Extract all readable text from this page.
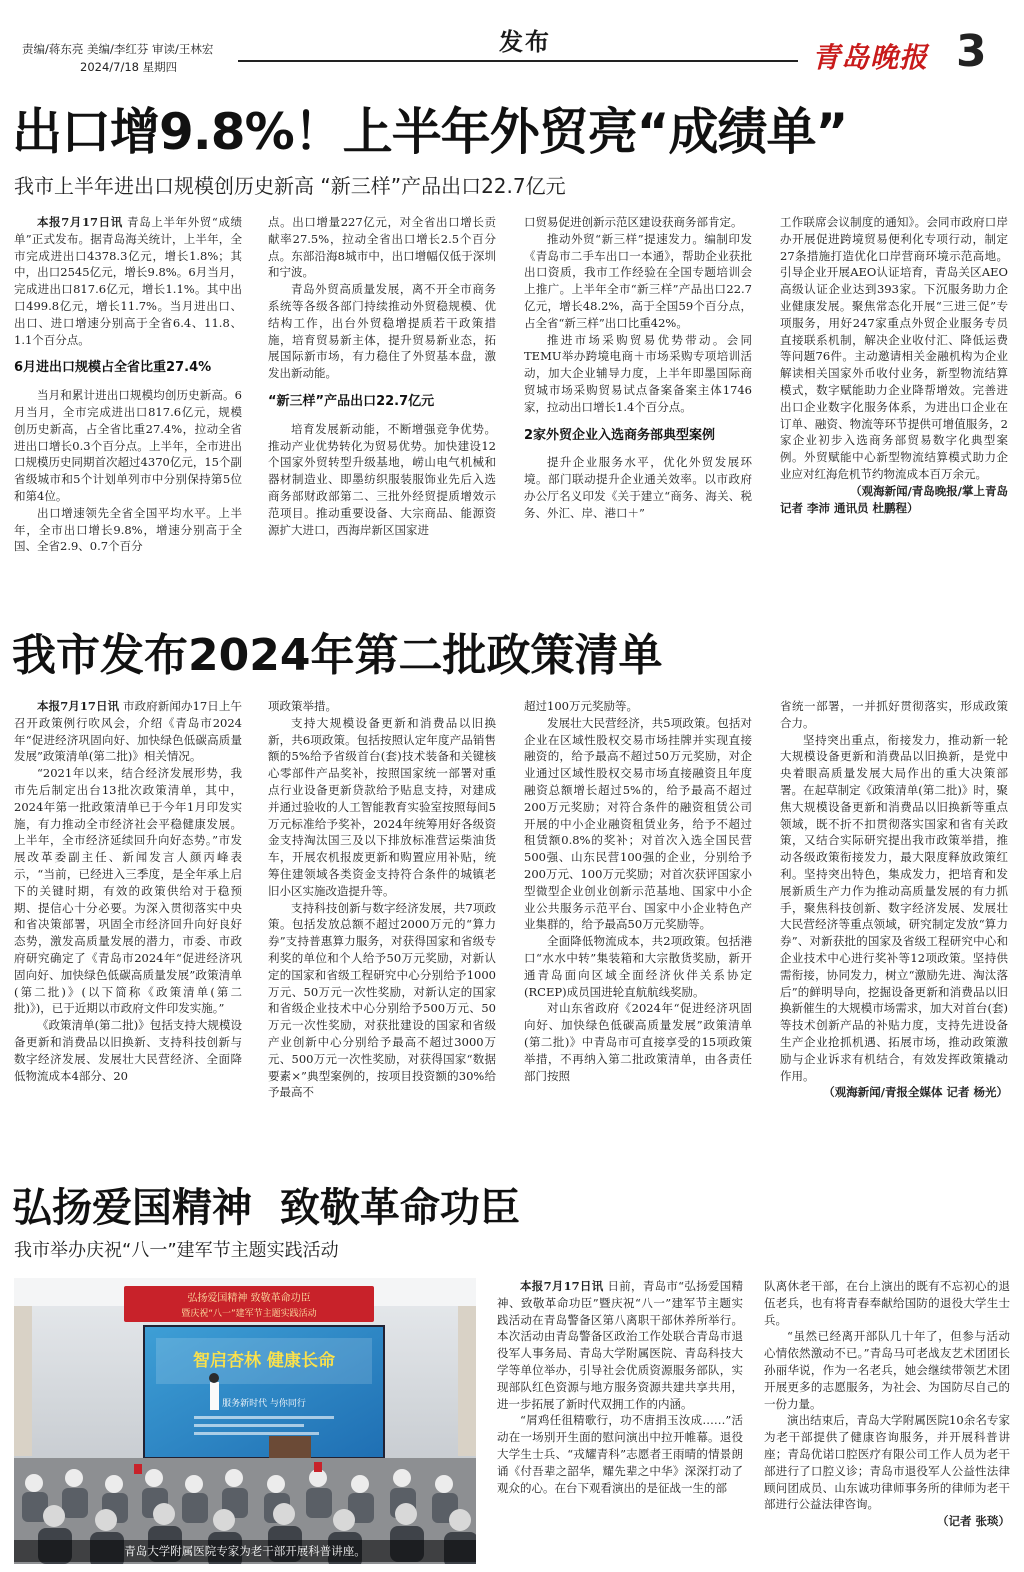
责编/蒋东亮 美编/李红芬 审读/王林宏
2024/7/18 星期四
发布	青岛晚报 3
出口增9.8%！上半年外贸亮“成绩单”
我市上半年进出口规模创历史新高 “新三样”产品出口22.7亿元

本报7月17日讯 青岛上半年外贸“成绩单”正式发布。据青岛海关统计，上半年，全市完成进出口4378.3亿元，增长1.8%；其中，出口2545亿元，增长9.8%。6月当月，完成进出口817.6亿元，增长1.1%。其中出口499.8亿元，增长11.7%。当月进出口、出口、进口增速分别高于全省6.4、11.8、1.1个百分点。

6月进出口规模占全省比重27.4%

当月和累计进出口规模均创历史新高。6月当月，全市完成进出口817.6亿元，规模创历史新高，占全省比重27.4%，拉动全省进出口增长0.3个百分点。上半年，全市进出口规模历史同期首次超过4370亿元，15个副省级城市和5个计划单列市中分别保持第5位和第4位。

出口增速领先全省全国平均水平。上半年，全市出口增长9.8%，增速分别高于全国、全省2.9、0.7个百分

点。出口增量227亿元，对全省出口增长贡献率27.5%，拉动全省出口增长2.5个百分点。东部沿海8城市中，出口增幅仅低于深圳和宁波。

青岛外贸高质量发展，离不开全市商务系统等各级各部门持续推动外贸稳规模、优结构工作，出台外贸稳增提质若干政策措施，培育贸易新主体，提升贸易新业态，拓展国际新市场，有力稳住了外贸基本盘，激发出新动能。

“新三样”产品出口22.7亿元

培育发展新动能，不断增强竞争优势。推动产业优势转化为贸易优势。加快建设12个国家外贸转型升级基地，崂山电气机械和器材制造业、即墨纺织服装服饰业先后入选商务部财政部第二、三批外经贸提质增效示范项目。推动重要设备、大宗商品、能源资源扩大进口，西海岸新区国家进

口贸易促进创新示范区建设获商务部肯定。

推动外贸“新三样”提速发力。编制印发《青岛市二手车出口一本通》，帮助企业获批出口资质，我市工作经验在全国专题培训会上推广。上半年全市“新三样”产品出口22.7亿元，增长48.2%，高于全国59个百分点，占全省“新三样”出口比重42%。

推进市场采购贸易优势带动。会同TEMU举办跨境电商＋市场采购专项培训活动，加大企业辅导力度，上半年即墨国际商贸城市场采购贸易试点备案备案主体1746家，拉动出口增长1.4个百分点。

2家外贸企业入选商务部典型案例

提升企业服务水平，优化外贸发展环境。部门联动提升企业通关效率。以市政府办公厅名义印发《关于建立“商务、海关、税务、外汇、岸、港口＋”

工作联席会议制度的通知》。会同市政府口岸办开展促进跨境贸易便利化专项行动，制定27条措施打造优化口岸营商环境示范高地。引导企业开展AEO认证培育，青岛关区AEO高级认证企业达到393家。下沉服务助力企业健康发展。聚焦常态化开展“三进三促”专项服务，用好247家重点外贸企业服务专员直接联系机制，解决企业收付汇、降低运费等问题76件。主动邀请相关金融机构为企业解读相关国家外币收付业务，新型物流结算模式，数字赋能助力企业降帮增效。完善进出口企业数字化服务体系，为进出口企业在订单、融资、物流等环节提供可增值服务，2家企业初步入选商务部贸易数字化典型案例。外贸赋能中心新型物流结算模式助力企业应对红海危机节约物流成本百万余元。

（观海新闻/青岛晚报/掌上青岛

记者 李沛 通讯员 杜鹏程）

我市发布2024年第二批政策清单

本报7月17日讯 市政府新闻办17日上午召开政策例行吹风会，介绍《青岛市2024年“促进经济巩固向好、加快绿色低碳高质量发展”政策清单(第二批)》相关情况。

“2021年以来，结合经济发展形势，我市先后制定出台13批次政策清单，其中，2024年第一批政策清单已于今年1月印发实施，有力推动全市经济社会平稳健康发展。上半年，全市经济延续回升向好态势。”市发展改革委副主任、新闻发言人颜丙峰表示，“当前，已经进入三季度，是全年承上启下的关键时期，有效的政策供给对于稳预期、提信心十分必要。为深入贯彻落实中央和省决策部署，巩固全市经济回升向好良好态势，激发高质量发展的潜力，市委、市政府研究确定了《青岛市2024年“促进经济巩固向好、加快绿色低碳高质量发展”政策清单(第二批)》(以下简称《政策清单(第二批)》)，已于近期以市政府文件印发实施。”

《政策清单(第二批)》包括支持大规模设备更新和消费品以旧换新、支持科技创新与数字经济发展、发展壮大民营经济、全面降低物流成本4部分、20

项政策举措。

支持大规模设备更新和消费品以旧换新，共6项政策。包括按照认定年度产品销售额的5%给予省级首台(套)技术装备和关键核心零部件产品奖补，按照国家统一部署对重点行业设备更新贷款给予贴息支持，对建成并通过验收的人工智能教育实验室按照每间5万元标准给予奖补，2024年统筹用好各级资金支持淘汰国三及以下排放标准营运柴油货车，开展农机报废更新和购置应用补贴，统筹住建领域各类资金支持符合条件的城镇老旧小区实施改造提升等。

支持科技创新与数字经济发展，共7项政策。包括发放总额不超过2000万元的“算力券”支持普惠算力服务，对获得国家和省级专利奖的单位和个人给予50万元奖励，对新认定的国家和省级工程研究中心分别给予1000万元、50万元一次性奖励，对新认定的国家和省级企业技术中心分别给予500万元、50万元一次性奖励，对获批建设的国家和省级产业创新中心分别给予最高不超过3000万元、500万元一次性奖励，对获得国家“数据要素×”典型案例的，按项目投资额的30%给予最高不

超过100万元奖励等。

发展壮大民营经济，共5项政策。包括对企业在区域性股权交易市场挂牌并实现直接融资的，给予最高不超过50万元奖励，对企业通过区域性股权交易市场直接融资且年度融资总额增长超过5%的，给予最高不超过200万元奖励；对符合条件的融资租赁公司开展的中小企业融资租赁业务，给予不超过租赁额0.8%的奖补；对首次入选全国民营500强、山东民营100强的企业，分别给予200万元、100万元奖励；对首次获评国家小型微型企业创业创新示范基地、国家中小企业公共服务示范平台、国家中小企业特色产业集群的，给予最高50万元奖励等。

全面降低物流成本，共2项政策。包括港口“水水中转”集装箱和大宗散货奖励，新开通青岛面向区域全面经济伙伴关系协定(RCEP)成员国进轮直航航线奖励。

对山东省政府《2024年“促进经济巩固向好、加快绿色低碳高质量发展”政策清单(第二批)》中青岛市可直接享受的15项政策举措，不再纳入第二批政策清单，由各责任部门按照

省统一部署，一并抓好贯彻落实，形成政策合力。

坚持突出重点，衔接发力，推动新一轮大规模设备更新和消费品以旧换新，是党中央着眼高质量发展大局作出的重大决策部署。在起草制定《政策清单(第二批)》时，聚焦大规模设备更新和消费品以旧换新等重点领域，既不折不扣贯彻落实国家和省有关政策，又结合实际研究提出我市政策举措，推动各级政策衔接发力，最大限度释放政策红利。坚持突出特色，集成发力，把培育和发展新质生产力作为推动高质量发展的有力抓手，聚焦科技创新、数字经济发展、发展壮大民营经济等重点领域，研究制定发放“算力券”、对新获批的国家及省级工程研究中心和企业技术中心进行奖补等12项政策。坚持供需衔接，协同发力，树立“激励先进、淘汰落后”的鲜明导向，挖掘设备更新和消费品以旧换新催生的大规模市场需求，加大对首台(套)等技术创新产品的补贴力度，支持先进设备生产企业抢抓机遇、拓展市场，推动政策激励与企业诉求有机结合，有效发挥政策撬动作用。

（观海新闻/青报全媒体 记者 杨光）

弘扬爱国精神  致敬革命功臣
我市举办庆祝“八一”建军节主题实践活动
弘扬爱国精神 致敬革命功臣
暨庆祝“八一”建军节主题实践活动
智启杏林 健康长命
服务新时代 与你同行
青岛大学附属医院专家为老干部开展科普讲座。

本报7月17日讯 日前，青岛市“弘扬爱国精神、致敬革命功臣”暨庆祝“八一”建军节主题实践活动在青岛警备区第八离职干部休养所举行。本次活动由青岛警备区政治工作处联合青岛市退役军人事务局、青岛大学附属医院、青岛科技大学等单位举办，引导社会优质资源服务部队，实现部队红色资源与地方服务资源共建共享共用，进一步拓展了新时代双拥工作的内涵。

“屑鸡任徂精歌行，功不唐捐玉汝成……”活动在一场别开生面的慰问演出中拉开帷幕。退役大学生士兵、“戎耀青科”志愿者王雨晴的情景朗诵《付吾辈之韶华，耀先辈之中华》深深打动了观众的心。在台下观看演出的是征战一生的部

队离休老干部，在台上演出的既有不忘初心的退伍老兵，也有将青春奉献给国防的退役大学生士兵。

“虽然已经离开部队几十年了，但参与活动心情依然激动不已。”青岛马可老战友艺术团团长孙丽华说，作为一名老兵，她会继续带领艺术团开展更多的志愿服务，为社会、为国防尽自己的一份力量。

演出结束后，青岛大学附属医院10余名专家为老干部提供了健康咨询服务，并开展科普讲座；青岛优诺口腔医疗有限公司工作人员为老干部进行了口腔义诊；青岛市退役军人公益性法律顾问团成员、山东诚功律师事务所的律师为老干部进行公益法律咨询。

（记者 张琰）
